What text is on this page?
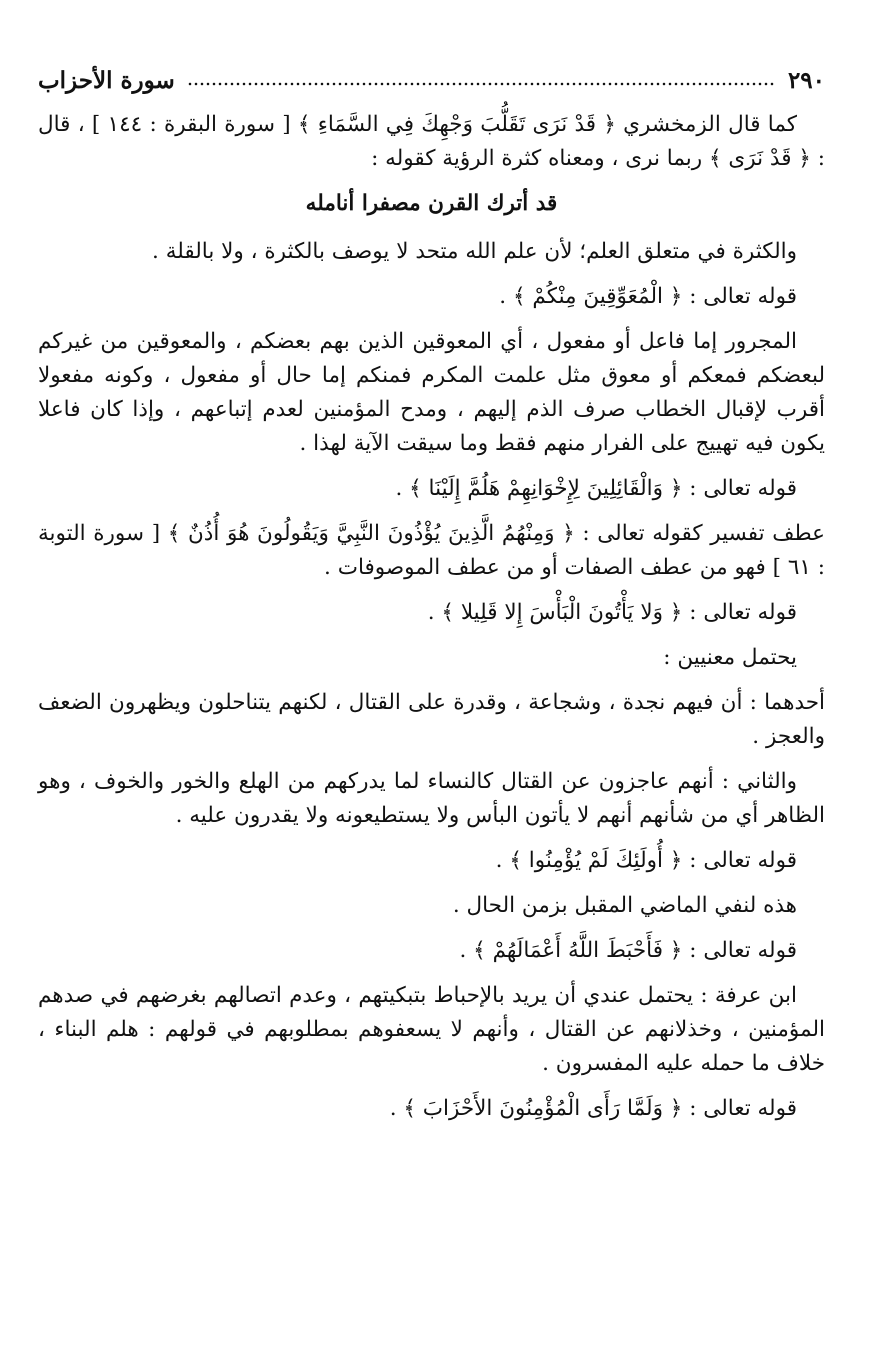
٢٩٠
سورة الأحزاب

كما قال الزمخشري ﴿ قَدْ نَرَى تَقَلُّبَ وَجْهِكَ فِي السَّمَاءِ ﴾ [ سورة البقرة : ١٤٤ ] ، قال : ﴿ قَدْ نَرَى ﴾ ربما نرى ، ومعناه كثرة الرؤية كقوله :

قد أترك القرن مصفرا أنامله

والكثرة في متعلق العلم؛ لأن علم الله متحد لا يوصف بالكثرة ، ولا بالقلة .

قوله تعالى : ﴿ الْمُعَوِّقِينَ مِنْكُمْ ﴾ .

المجرور إما فاعل أو مفعول ، أي المعوقين الذين بهم بعضكم ، والمعوقين من غيركم لبعضكم فمعكم أو معوق مثل علمت المكرم فمنكم إما حال أو مفعول ، وكونه مفعولا أقرب لإقبال الخطاب صرف الذم إليهم ، ومدح المؤمنين لعدم إتباعهم ، وإذا كان فاعلا يكون فيه تهييج على الفرار منهم فقط وما سيقت الآية لهذا .

قوله تعالى : ﴿ وَالْقَائِلِينَ لِإِخْوَانِهِمْ هَلُمَّ إِلَيْنَا ﴾ .

عطف تفسير كقوله تعالى : ﴿ وَمِنْهُمُ الَّذِينَ يُؤْذُونَ النَّبِيَّ وَيَقُولُونَ هُوَ أُذُنٌ ﴾ [ سورة التوبة : ٦١ ] فهو من عطف الصفات أو من عطف الموصوفات .

قوله تعالى : ﴿ وَلا يَأْتُونَ الْبَأْسَ إِلا قَلِيلا ﴾ .

يحتمل معنيين :

أحدهما : أن فيهم نجدة ، وشجاعة ، وقدرة على القتال ، لكنهم يتناحلون ويظهرون الضعف والعجز .

والثاني : أنهم عاجزون عن القتال كالنساء لما يدركهم من الهلع والخور والخوف ، وهو الظاهر أي من شأنهم أنهم لا يأتون البأس ولا يستطيعونه ولا يقدرون عليه .

قوله تعالى : ﴿ أُولَئِكَ لَمْ يُؤْمِنُوا ﴾ .

هذه لنفي الماضي المقبل بزمن الحال .

قوله تعالى : ﴿ فَأَحْبَطَ اللَّهُ أَعْمَالَهُمْ ﴾ .

ابن عرفة : يحتمل عندي أن يريد بالإحباط بتبكيتهم ، وعدم اتصالهم بغرضهم في صدهم المؤمنين ، وخذلانهم عن القتال ، وأنهم لا يسعفوهم بمطلوبهم في قولهم : هلم البناء ، خلاف ما حمله عليه المفسرون .

قوله تعالى : ﴿ وَلَمَّا رَأَى الْمُؤْمِنُونَ الأَحْزَابَ ﴾ .
